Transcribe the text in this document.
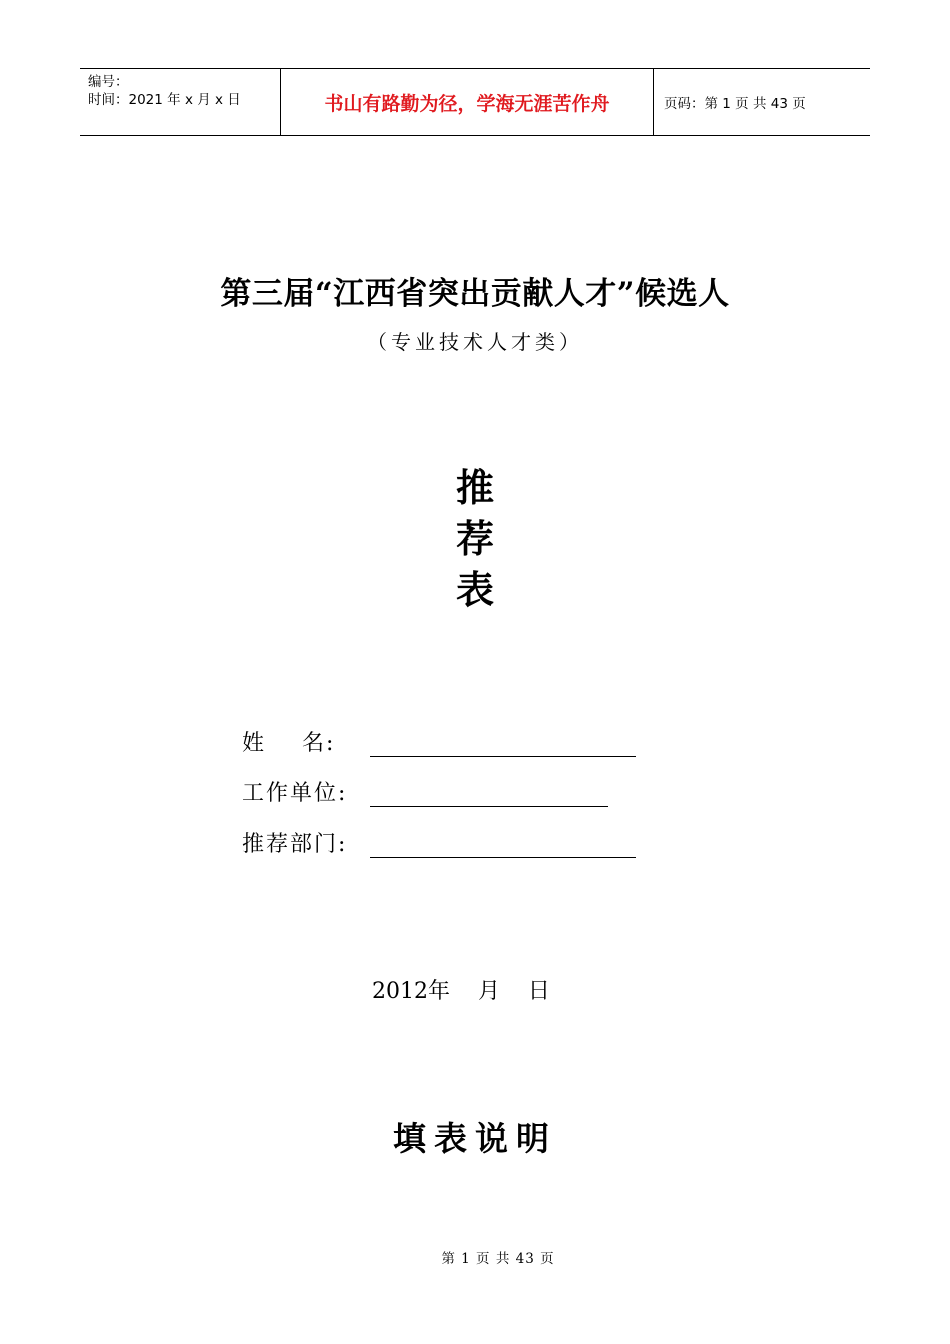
编号：
时间：2021 年 x 月 x 日	书山有路勤为径，学海无涯苦作舟	页码：第 1 页 共 43 页
第三届“江西省突出贡献人才”候选人
（专业技术人才类）
推
荐
表
姓    名:
工作单位:
推荐部门:
2012年    月    日
填表说明
第 1 页 共 43 页
